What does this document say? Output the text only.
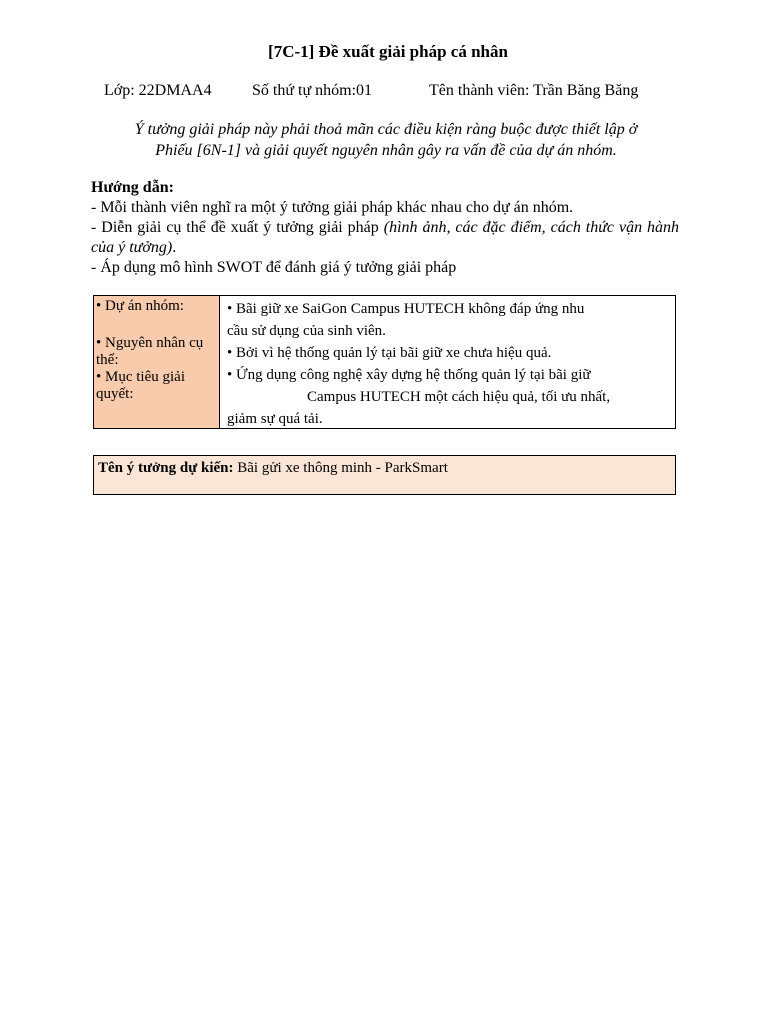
[7C-1] Đề xuất giải pháp cá nhân
Lớp: 22DMAA4	Số thứ tự nhóm:01	Tên thành viên: Trần Băng Băng
Ý tưởng giải pháp này phải thoả mãn các điều kiện ràng buộc được thiết lập ở
Phiếu [6N-1] và giải quyết nguyên nhân gây ra vấn đề của dự án nhóm.
Hướng dẫn:
- Mỗi thành viên nghĩ ra một ý tưởng giải pháp khác nhau cho dự án nhóm.
- Diễn giải cụ thể đề xuất ý tưởng giải pháp (hình ảnh, các đặc điểm, cách thức vận hành của ý tưởng).
- Áp dụng mô hình SWOT để đánh giá ý tưởng giải pháp
• Dự án nhóm:
• Nguyên nhân cụ thể:
• Mục tiêu giải quyết:
• Bãi giữ xe SaiGon Campus HUTECH không đáp ứng nhu
cầu sử dụng của sinh viên.
• Bởi vì hệ thống quản lý tại bãi giữ xe chưa hiệu quả.
• Ứng dụng công nghệ xây dựng hệ thống quản lý tại bãi giữ
Campus HUTECH một cách hiệu quả, tối ưu nhất,
giảm sự quá tải.
Tên ý tưởng dự kiến: Bãi gửi xe thông minh - ParkSmart
